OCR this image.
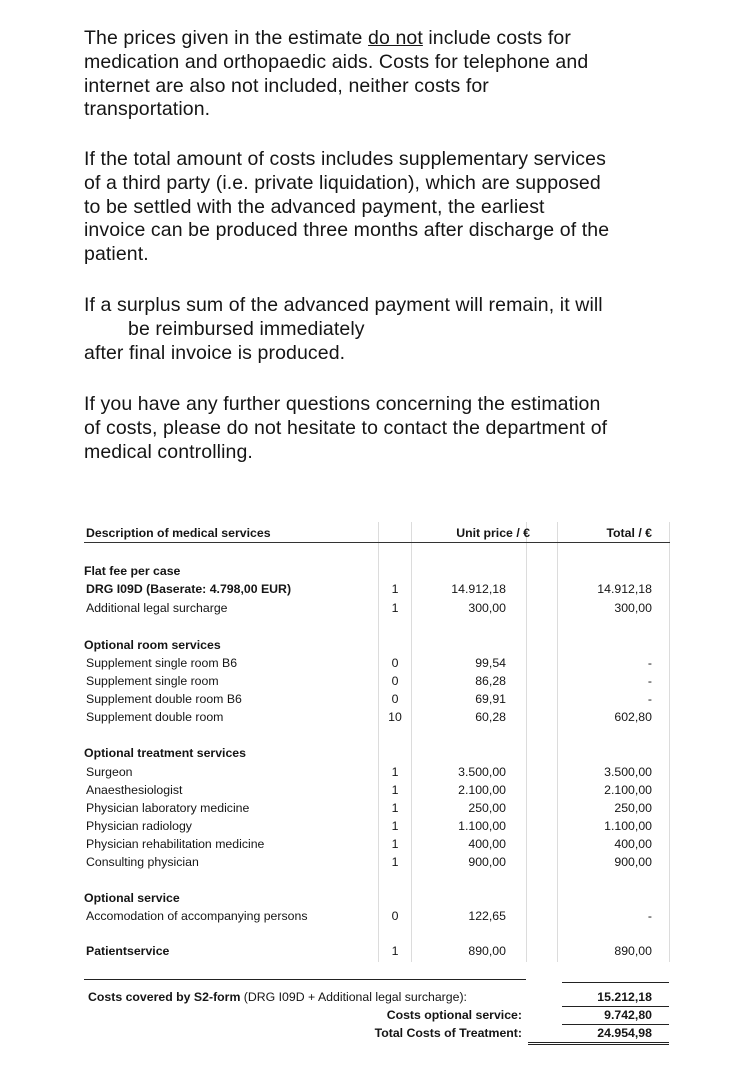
The prices given in the estimate do not include costs for
medication and orthopaedic aids. Costs for telephone and
internet are also not included, neither costs for
transportation.
If the total amount of costs includes supplementary services
of a third party (i.e. private liquidation), which are supposed
to be settled with the advanced payment, the earliest
invoice can be produced three months after discharge of the
patient.
If a surplus sum of the advanced payment will remain, it will
be reimbursed immediately
after final invoice is produced.
If you have any further questions concerning the estimation
of costs, please do not hesitate to contact the department of
medical controlling.
Description of medical services	Unit price / €	Total / €
Flat fee per case
DRG I09D (Baserate: 4.798,00 EUR)	1	14.912,18	14.912,18
Additional legal surcharge	1	300,00	300,00
Optional room services
Supplement single room B6	0	99,54	-
Supplement single room	0	86,28	-
Supplement double room B6	0	69,91	-
Supplement double room	10	60,28	602,80
Optional treatment services
Surgeon	1	3.500,00	3.500,00
Anaesthesiologist	1	2.100,00	2.100,00
Physician laboratory medicine	1	250,00	250,00
Physician radiology	1	1.100,00	1.100,00
Physician rehabilitation medicine	1	400,00	400,00
Consulting physician	1	900,00	900,00
Optional service
Accomodation of accompanying persons	0	122,65	-
Patientservice	1	890,00	890,00
Costs covered by S2-form (DRG I09D + Additional legal surcharge):	15.212,18
Costs optional service:	9.742,80
Total Costs of Treatment:	24.954,98
